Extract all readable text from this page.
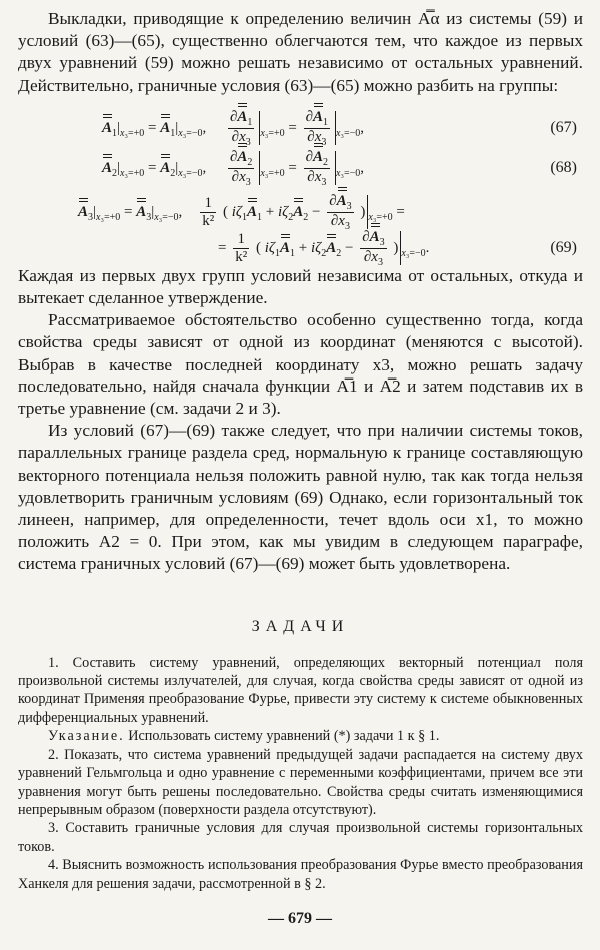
Выкладки, приводящие к определению величин A̿α из системы (59) и условий (63)—(65), существенно облегчаются тем, что каждое из первых двух уравнений (59) можно решать независимо от остальных уравнений. Действительно, граничные условия (63)—(65) можно разбить на группы:

$A_1|_{x_3=+0} = A_1|_{x_3=-0}$, $\frac{\partial A_1}{\partial x_3} _{x_3=+0} = \frac{\partial A_1}{\partial x_3} _{x_3=-0}$,	(67)
$A_2|_{x_3=+0} = A_2|_{x_3=-0}$, $\frac{\partial A_2}{\partial x_3} _{x_3=+0} = \frac{\partial A_2}{\partial x_3} _{x_3=-0}$,	(68)
$A_3|_{x_3=+0} = A_3|_{x_3=-0}$, $\frac{1}{\text{k²}}$ ( $i\zeta_1A_1 + i\zeta_2A_2 - \frac{\partial A_3}{\partial x_3}$ ) $_{x_3=+0}$ =
= $\frac{1}{\text{k²}}$ ( $i\zeta_1A_1 + i\zeta_2A_2 - \frac{\partial A_3}{\partial x_3}$ ) $_{x_3=-0}$.	(69)

Каждая из первых двух групп условий независима от остальных, откуда и вытекает сделанное утверждение.

Рассматриваемое обстоятельство особенно существенно тогда, когда свойства среды зависят от одной из координат (меняются с высотой). Выбрав в качестве последней координату x3, можно решать задачу последовательно, найдя сначала функции A̿1 и A̿2 и затем подставив их в третье уравнение (см. задачи 2 и 3).

Из условий (67)—(69) также следует, что при наличии системы токов, параллельных границе раздела сред, нормальную к границе составляющую векторного потенциала нельзя положить равной нулю, так как тогда нельзя удовлетворить граничным условиям (69) Однако, если горизонтальный ток линеен, например, для определенности, течет вдоль оси x1, то можно положить A2 = 0. При этом, как мы увидим в следующем параграфе, система граничных условий (67)—(69) может быть удовлетворена.

ЗАДАЧИ

1. Составить систему уравнений, определяющих векторный потенциал поля произвольной системы излучателей, для случая, когда свойства среды зависят от одной из координат Применяя преобразование Фурье, привести эту систему к системе обыкновенных дифференциальных уравнений.

Указание. Использовать систему уравнений (*) задачи 1 к § 1.

2. Показать, что система уравнений предыдущей задачи распадается на систему двух уравнений Гельмгольца и одно уравнение с переменными коэффициентами, причем все эти уравнения могут быть решены последовательно. Свойства среды считать изменяющимися непрерывным образом (поверхности раздела отсутствуют).

3. Составить граничные условия для случая произвольной системы горизонтальных токов.

4. Выяснить возможность использования преобразования Фурье вместо преобразования Ханкеля для решения задачи, рассмотренной в § 2.

— 679 —
